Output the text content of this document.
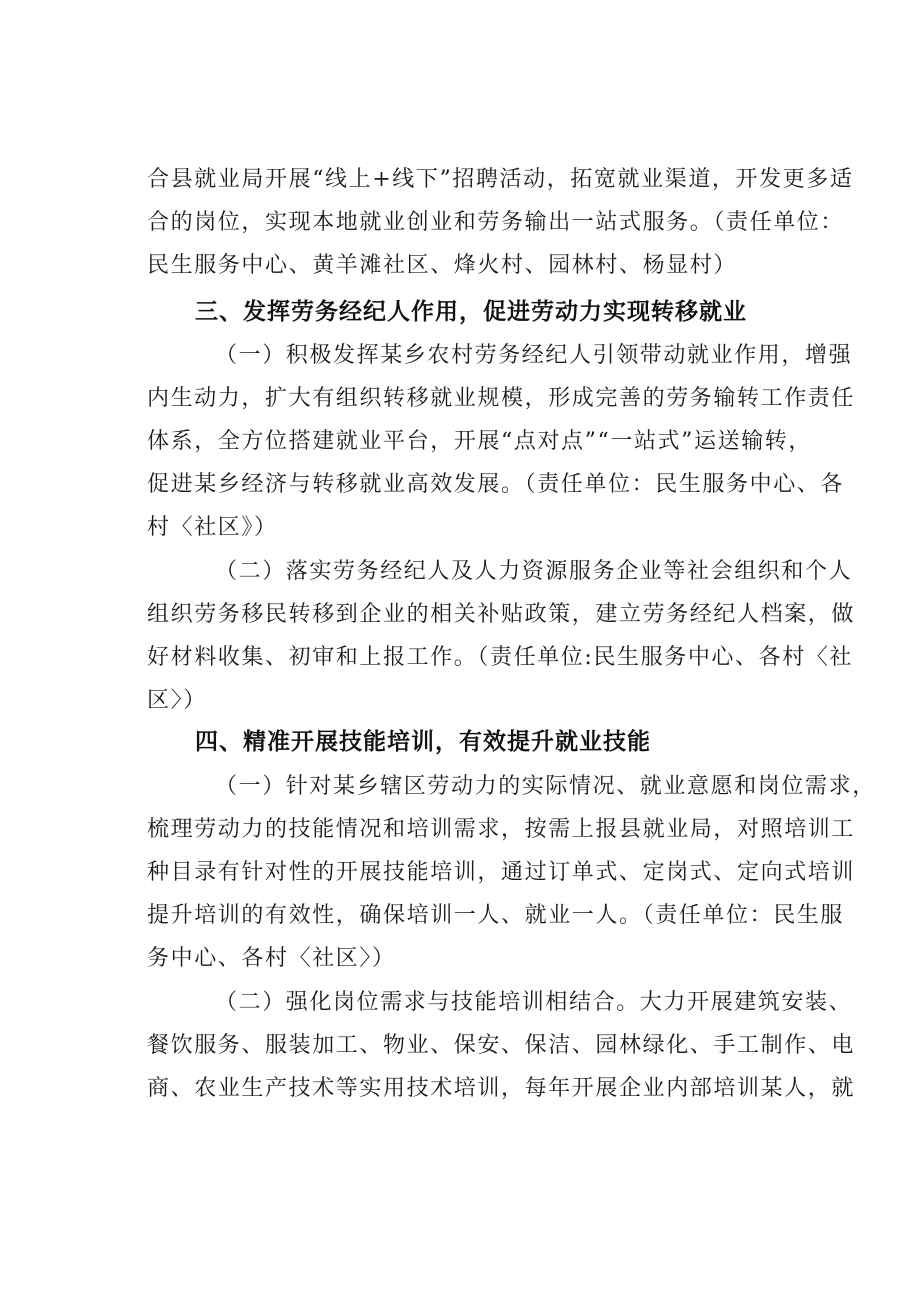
合县就业局开展“线上+线下”招聘活动，拓宽就业渠道，开发更多适
合的岗位，实现本地就业创业和劳务输出一站式服务。（责任单位：
民生服务中心、黄羊滩社区、烽火村、园林村、杨显村）
三、发挥劳务经纪人作用，促进劳动力实现转移就业
（一）积极发挥某乡农村劳务经纪人引领带动就业作用，增强
内生动力，扩大有组织转移就业规模，形成完善的劳务输转工作责任
体系，全方位搭建就业平台，开展“点对点”“一站式”运送输转，
促进某乡经济与转移就业高效发展。（责任单位：民生服务中心、各
村〈社区》）
（二）落实劳务经纪人及人力资源服务企业等社会组织和个人
组织劳务移民转移到企业的相关补贴政策，建立劳务经纪人档案，做
好材料收集、初审和上报工作。（责任单位:民生服务中心、各村〈社
区〉）
四、精准开展技能培训，有效提升就业技能
（一）针对某乡辖区劳动力的实际情况、就业意愿和岗位需求，
梳理劳动力的技能情况和培训需求，按需上报县就业局，对照培训工
种目录有针对性的开展技能培训，通过订单式、定岗式、定向式培训
提升培训的有效性，确保培训一人、就业一人。（责任单位：民生服
务中心、各村〈社区〉）
（二）强化岗位需求与技能培训相结合。大力开展建筑安装、
餐饮服务、服装加工、物业、保安、保洁、园林绿化、手工制作、电
商、农业生产技术等实用技术培训，每年开展企业内部培训某人，就
